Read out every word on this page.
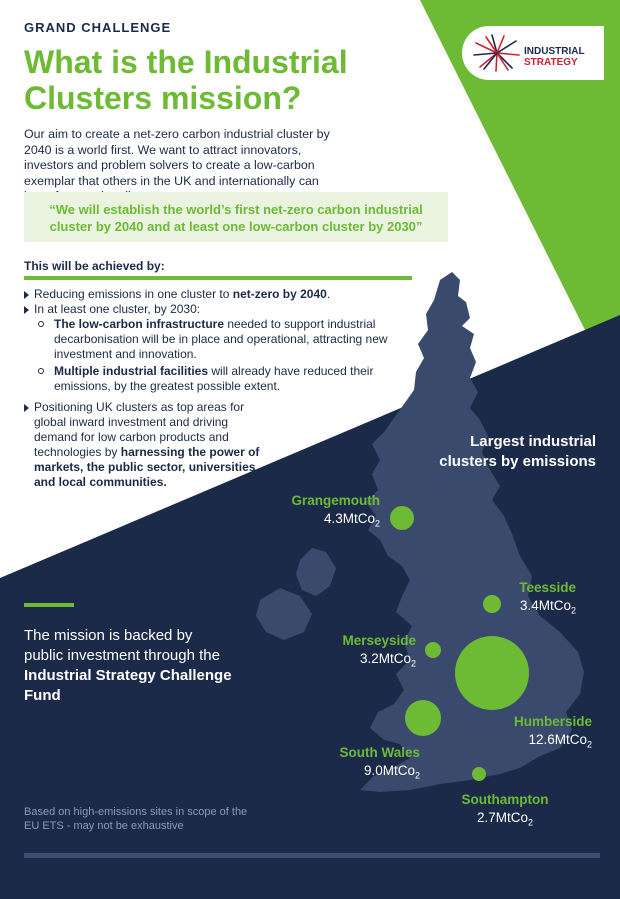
INDUSTRIAL
STRATEGY
GRAND CHALLENGE
What is the Industrial Clusters mission?
Our aim to create a net-zero carbon industrial cluster by 2040 is a world first. We want to attract innovators, investors and problem solvers to create a low-carbon exemplar that others in the UK and internationally can
“We will establish the world’s first net-zero carbon industrial cluster by 2040 and at least one low-carbon cluster by 2030”
This will be achieved by:

Reducing emissions in one cluster to net-zero by 2040.

In at least one cluster, by 2030:

The low-carbon infrastructure needed to support industrial decarbonisation will be in place and operational, attracting new investment and innovation.

Multiple industrial facilities will already have reduced their emissions, by the greatest possible extent.

Positioning UK clusters as top areas for global inward investment and driving demand for low carbon products and technologies by harnessing the power of markets, the public sector, universities and local communities.

Largest industrial clusters by emissions
Grangemouth
4.3MtCo$_2$
Teesside
3.4MtCo$_2$
Merseyside
3.2MtCo$_2$
Humberside
12.6MtCo$_2$
South Wales
9.0MtCo$_2$
Southampton
2.7MtCo$_2$
The mission is backed by public investment through the Industrial Strategy Challenge Fund
Based on high-emissions sites in scope of the EU ETS - may not be exhaustive
